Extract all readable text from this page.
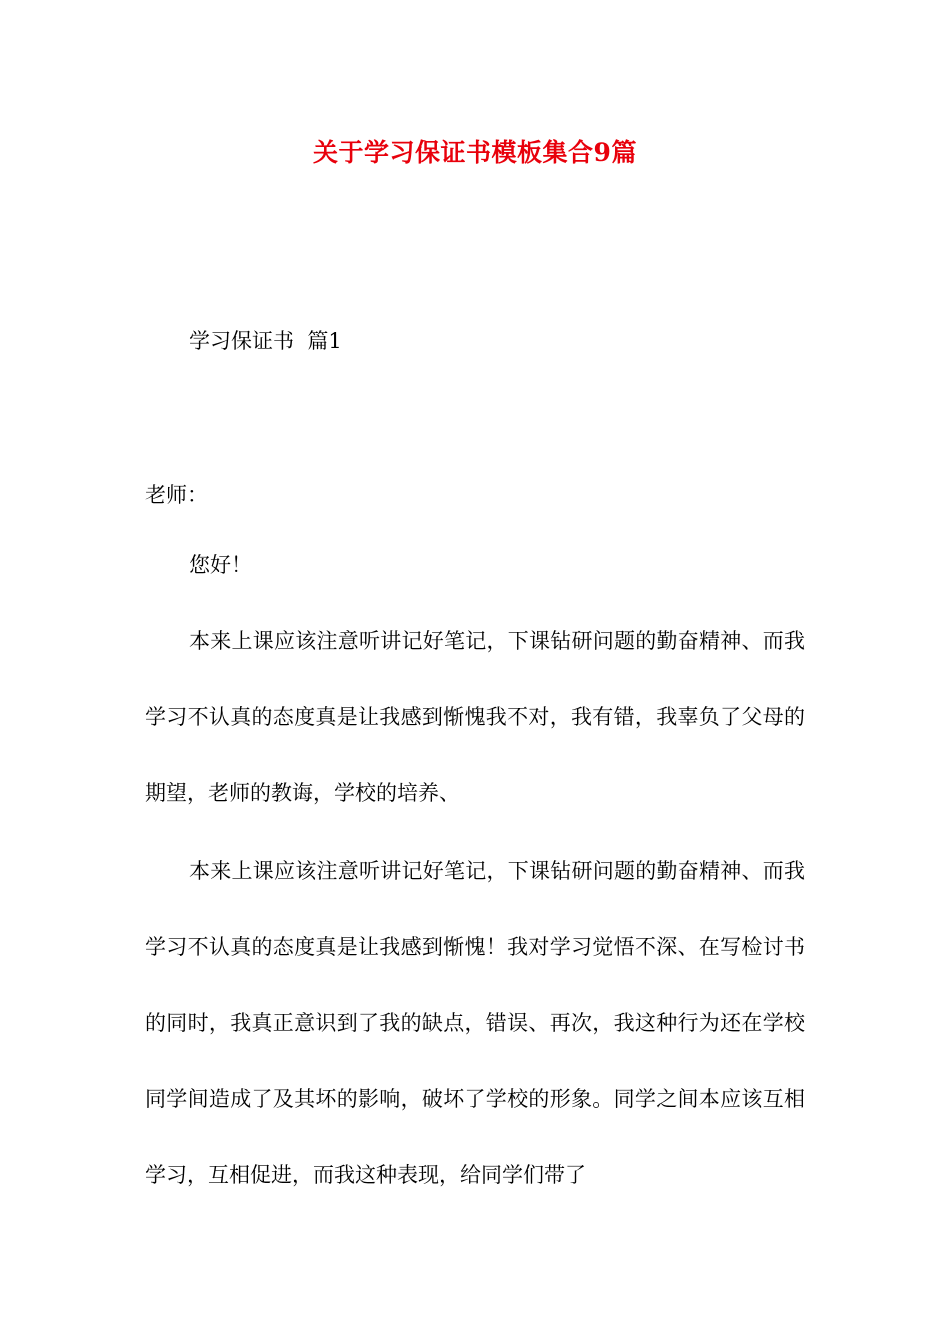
关于学习保证书模板集合9篇
学习保证书  篇1
老师：
您好！

本来上课应该注意听讲记好笔记，下课钻研问题的勤奋精神、而我学习不认真的态度真是让我感到惭愧我不对，我有错，我辜负了父母的期望，老师的教诲，学校的培养、

本来上课应该注意听讲记好笔记，下课钻研问题的勤奋精神、而我学习不认真的态度真是让我感到惭愧！我对学习觉悟不深、在写检讨书的同时，我真正意识到了我的缺点，错误、再次，我这种行为还在学校同学间造成了及其坏的影响，破坏了学校的形象。同学之间本应该互相学习，互相促进，而我这种表现，给同学们带了
